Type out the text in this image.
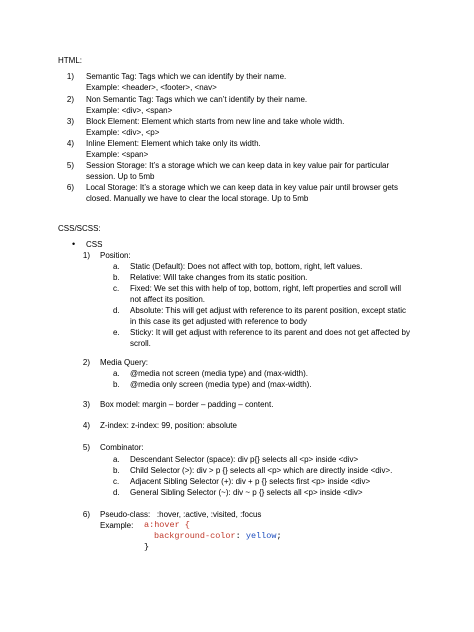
HTML:
1) Semantic Tag: Tags which we can identify by their name.
Example: <header>, <footer>, <nav>
2) Non Semantic Tag: Tags which we can’t identify by their name.
Example: <div>, <span>
3) Block Element: Element which starts from new line and take whole width.
Example: <div>, <p>
4) Inline Element: Element which take only its width.
Example: <span>
5) Session Storage: It’s a storage which we can keep data in key value pair for particular
session. Up to 5mb
6) Local Storage: It’s a storage which we can keep data in key value pair until browser gets
closed. Manually we have to clear the local storage. Up to 5mb
CSS/SCSS:
• CSS
1) Position:
a. Static (Default): Does not affect with top, bottom, right, left values.
b. Relative: Will take changes from its static position.
c. Fixed: We set this with help of top, bottom, right, left properties and scroll will
not affect its position.
d. Absolute: This will get adjust with reference to its parent position, except static
in this case its get adjusted with reference to body
e. Sticky: It will get adjust with reference to its parent and does not get affected by
scroll.
2) Media Query:
a. @media not screen (media type) and (max-width).
b. @media only screen (media type) and (max-width).
3) Box model: margin – border – padding – content.
4) Z-index: z-index: 99, position: absolute
5) Combinator:
a. Descendant Selector (space): div p{} selects all <p> inside <div>
b. Child Selector (>): div > p {} selects all <p> which are directly inside <div>.
c. Adjacent Sibling Selector (+): div + p {} selects first <p> inside <div>
d. General Sibling Selector (~): div ~ p {} selects all <p> inside <div>
6) Pseudo-class:   :hover, :active, :visited, :focus
Example: a:hover {
background-color: yellow;
}
